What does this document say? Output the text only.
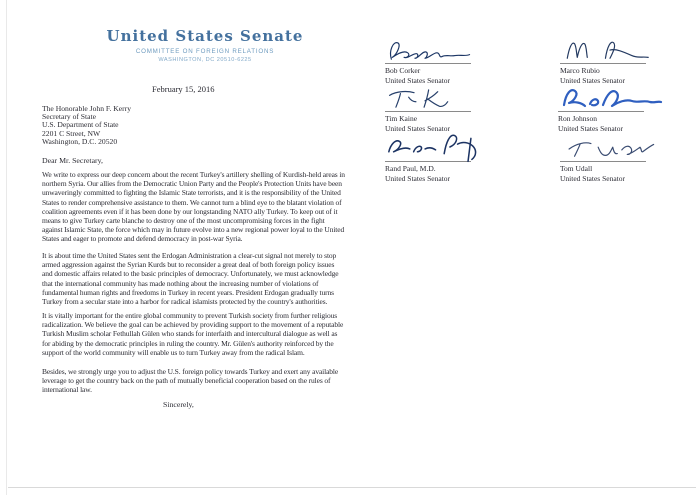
United States Senate
COMMITTEE ON FOREIGN RELATIONS
WASHINGTON, DC 20510-6225
February 15, 2016
The Honorable John F. Kerry
Secretary of State
U.S. Department of State
2201 C Street, NW
Washington, D.C. 20520
Dear Mr. Secretary,
We write to express our deep concern about the recent Turkey's artillery shelling of Kurdish-held areas in northern Syria. Our allies from the Democratic Union Party and the People's Protection Units have been unwaveringly committed to fighting the Islamic State terrorists, and it is the responsibility of the United States to render comprehensive assistance to them. We cannot turn a blind eye to the blatant violation of coalition agreements even if it has been done by our longstanding NATO ally Turkey. To keep out of it means to give Turkey carte blanche to destroy one of the most uncompromising forces in the fight against Islamic State, the force which may in future evolve into a new regional power loyal to the United States and eager to promote and defend democracy in post-war Syria.
It is about time the United States sent the Erdogan Administration a clear-cut signal not merely to stop armed aggression against the Syrian Kurds but to reconsider a great deal of both foreign policy issues and domestic affairs related to the basic principles of democracy. Unfortunately, we must acknowledge that the international community has made nothing about the increasing number of violations of fundamental human rights and freedoms in Turkey in recent years. President Erdogan gradually turns Turkey from a secular state into a harbor for radical islamists protected by the country's authorities.
It is vitally important for the entire global community to prevent Turkish society from further religious radicalization. We believe the goal can be achieved by providing support to the movement of a reputable Turkish Muslim scholar Fethullah Gülen who stands for interfaith and intercultural dialogue as well as for abiding by the democratic principles in ruling the country. Mr. Gülen's authority reinforced by the support of the world community will enable us to turn Turkey away from the radical Islam.
Besides, we strongly urge you to adjust the U.S. foreign policy towards Turkey and exert any available leverage to get the country back on the path of mutually beneficial cooperation based on the rules of international law.
Sincerely,
Bob Corker
United States Senator
Marco Rubio
United States Senator
Tim Kaine
United States Senator
Ron Johnson
United States Senator
Rand Paul, M.D.
United States Senator
Tom Udall
United States Senator
